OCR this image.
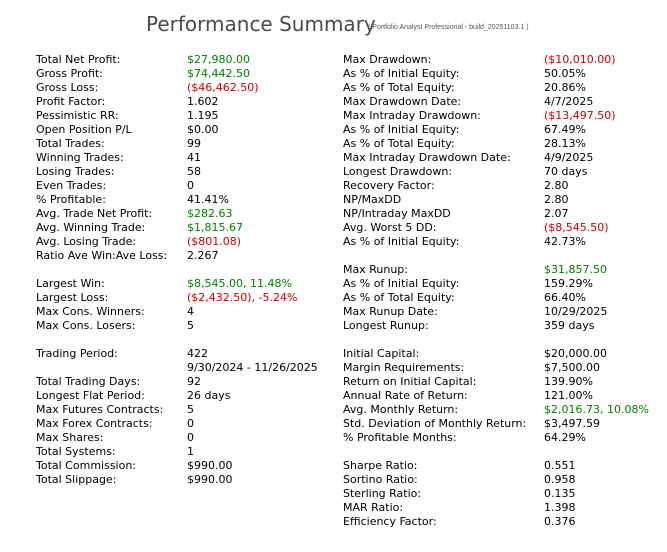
Performance Summary
( Portfolio Analyst Professional - build_20251103.1 )
Total Net Profit:	$27,980.00
Gross Profit:	$74,442.50
Gross Loss:	($46,462.50)
Profit Factor:	1.602
Pessimistic RR:	1.195
Open Position P/L	$0.00
Total Trades:	99
Winning Trades:	41
Losing Trades:	58
Even Trades:	0
% Profitable:	41.41%
Avg. Trade Net Profit:	$282.63
Avg. Winning Trade:	$1,815.67
Avg. Losing Trade:	($801.08)
Ratio Ave Win:Ave Loss: 2.267
Largest Win:	$8,545.00, 11.48%
Largest Loss:	($2,432.50), -5.24%
Max Cons. Winners:	4
Max Cons. Losers:	5
Trading Period:	422
9/30/2024 - 11/26/2025
Total Trading Days:	92
Longest Flat Period:	26 days
Max Futures Contracts: 5
Max Forex Contracts:	0
Max Shares:	0
Total Systems:	1
Total Commission:	$990.00
Total Slippage:	$990.00
Max Drawdown:	($10,010.00)
As % of Initial Equity:	50.05%
As % of Total Equity:	20.86%
Max Drawdown Date:	4/7/2025
Max Intraday Drawdown:	($13,497.50)
As % of Initial Equity:	67.49%
As % of Total Equity:	28.13%
Max Intraday Drawdown Date:	4/9/2025
Longest Drawdown:	70 days
Recovery Factor:	2.80
NP/MaxDD	2.80
NP/Intraday MaxDD	2.07
Avg. Worst 5 DD:	($8,545.50)
As % of Initial Equity:	42.73%
Max Runup:	$31,857.50
As % of Initial Equity:	159.29%
As % of Total Equity:	66.40%
Max Runup Date:	10/29/2025
Longest Runup:	359 days
Initial Capital:	$20,000.00
Margin Requirements:	$7,500.00
Return on Initial Capital:	139.90%
Annual Rate of Return:	121.00%
Avg. Monthly Return:	$2,016.73, 10.08%
Std. Deviation of Monthly Return: $3,497.59
% Profitable Months:	64.29%
Sharpe Ratio:	0.551
Sortino Ratio:	0.958
Sterling Ratio:	0.135
MAR Ratio:	1.398
Efficiency Factor:	0.376
